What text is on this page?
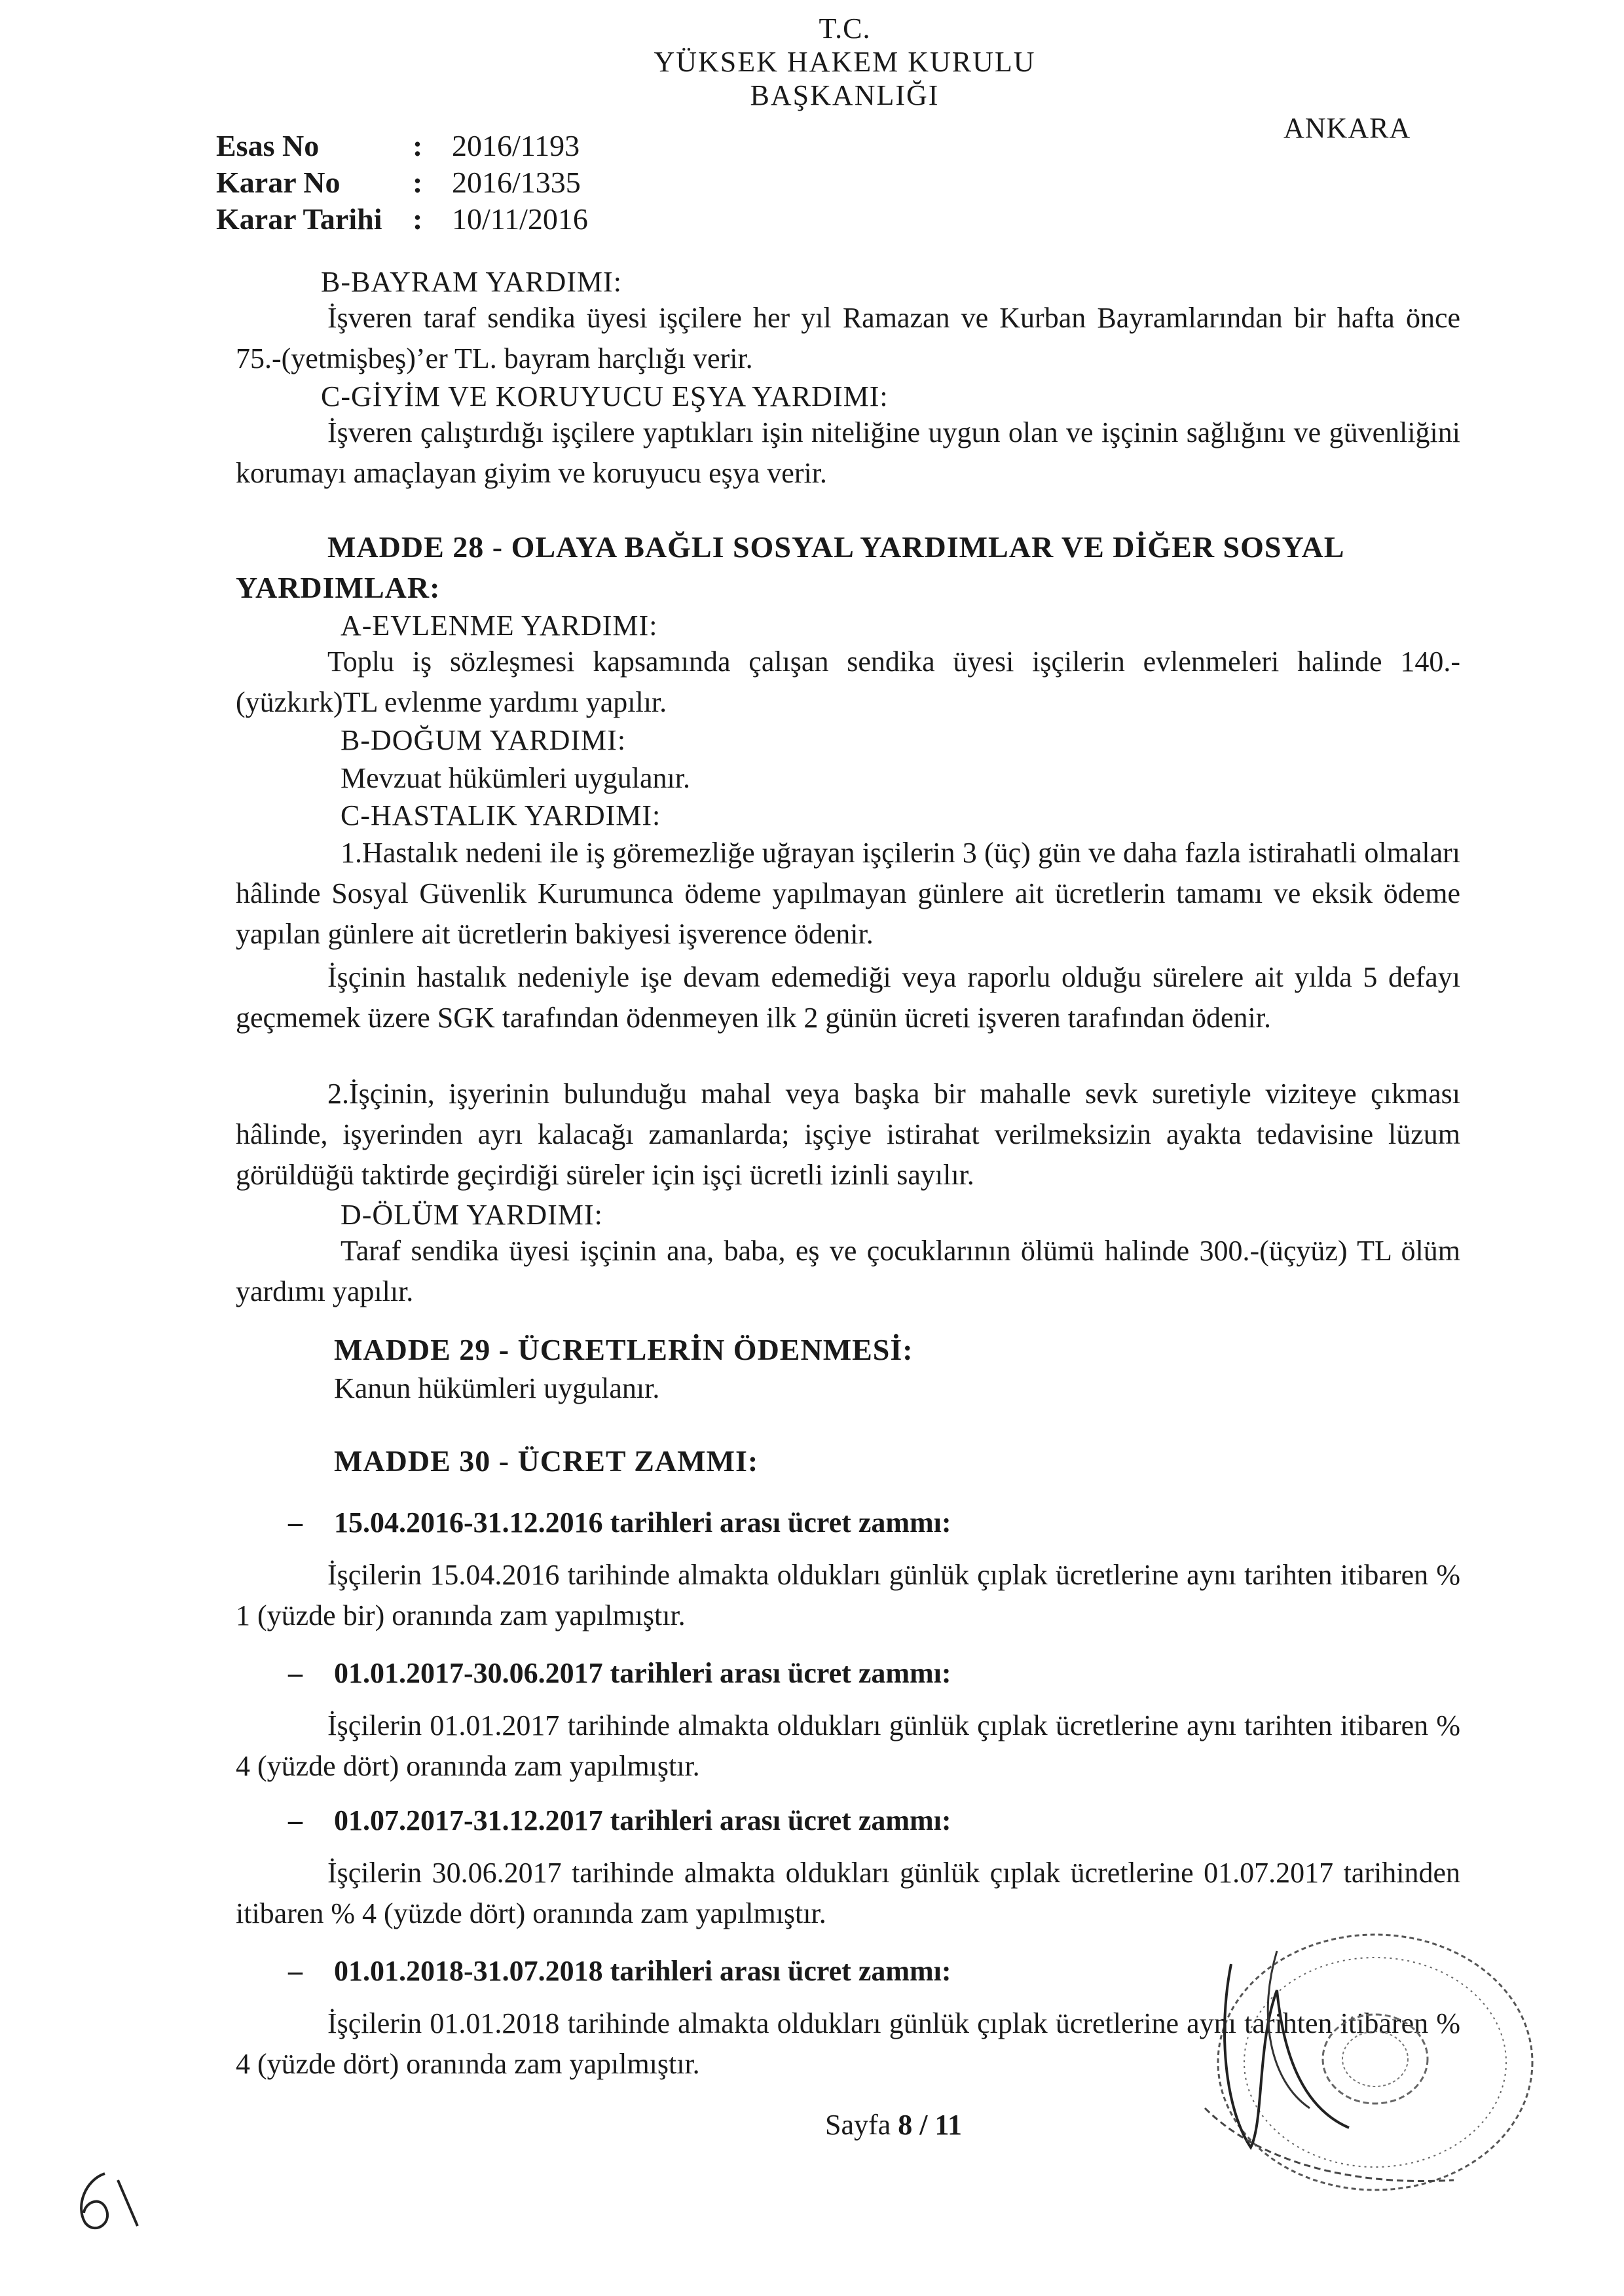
T.C.
YÜKSEK HAKEM KURULU
BAŞKANLIĞI
ANKARA
Esas No	: 2016/1193
Karar No : 2016/1335
Karar Tarihi : 10/11/2016
B-BAYRAM YARDIMI:
İşveren taraf sendika üyesi işçilere her yıl Ramazan ve Kurban Bayramlarından bir hafta önce 75.-(yetmişbeş)’er TL. bayram harçlığı verir.
C-GİYİM VE KORUYUCU EŞYA YARDIMI:
İşveren çalıştırdığı işçilere yaptıkları işin niteliğine uygun olan ve işçinin sağlığını ve güvenliğini korumayı amaçlayan giyim ve koruyucu eşya verir.
MADDE 28 - OLAYA BAĞLI SOSYAL YARDIMLAR VE DİĞER SOSYAL YARDIMLAR:
A-EVLENME YARDIMI:
Toplu iş sözleşmesi kapsamında çalışan sendika üyesi işçilerin evlenmeleri halinde 140.-(yüzkırk)TL evlenme yardımı yapılır.
B-DOĞUM YARDIMI:
Mevzuat hükümleri uygulanır.
C-HASTALIK YARDIMI:
1.Hastalık nedeni ile iş göremezliğe uğrayan işçilerin 3 (üç) gün ve daha fazla istirahatli olmaları hâlinde Sosyal Güvenlik Kurumunca ödeme yapılmayan günlere ait ücretlerin tamamı ve eksik ödeme yapılan günlere ait ücretlerin bakiyesi işverence ödenir.
İşçinin hastalık nedeniyle işe devam edemediği veya raporlu olduğu sürelere ait yılda 5 defayı geçmemek üzere SGK tarafından ödenmeyen ilk 2 günün ücreti işveren tarafından ödenir.
2.İşçinin, işyerinin bulunduğu mahal veya başka bir mahalle sevk suretiyle viziteye çıkması hâlinde, işyerinden ayrı kalacağı zamanlarda; işçiye istirahat verilmeksizin ayakta tedavisine lüzum görüldüğü taktirde geçirdiği süreler için işçi ücretli izinli sayılır.
D-ÖLÜM YARDIMI:
Taraf sendika üyesi işçinin ana, baba, eş ve çocuklarının ölümü halinde 300.-(üçyüz) TL ölüm yardımı yapılır.
MADDE 29 - ÜCRETLERİN ÖDENMESİ:
Kanun hükümleri uygulanır.
MADDE 30 - ÜCRET ZAMMI:
– 15.04.2016-31.12.2016 tarihleri arası ücret zammı:
İşçilerin 15.04.2016 tarihinde almakta oldukları günlük çıplak ücretlerine aynı tarihten itibaren % 1 (yüzde bir) oranında zam yapılmıştır.
– 01.01.2017-30.06.2017 tarihleri arası ücret zammı:
İşçilerin 01.01.2017 tarihinde almakta oldukları günlük çıplak ücretlerine aynı tarihten itibaren % 4 (yüzde dört) oranında zam yapılmıştır.
– 01.07.2017-31.12.2017 tarihleri arası ücret zammı:
İşçilerin 30.06.2017 tarihinde almakta oldukları günlük çıplak ücretlerine 01.07.2017 tarihinden itibaren % 4 (yüzde dört) oranında zam yapılmıştır.
– 01.01.2018-31.07.2018 tarihleri arası ücret zammı:
İşçilerin 01.01.2018 tarihinde almakta oldukları günlük çıplak ücretlerine aynı tarihten itibaren % 4 (yüzde dört) oranında zam yapılmıştır.
Sayfa 8 / 11
